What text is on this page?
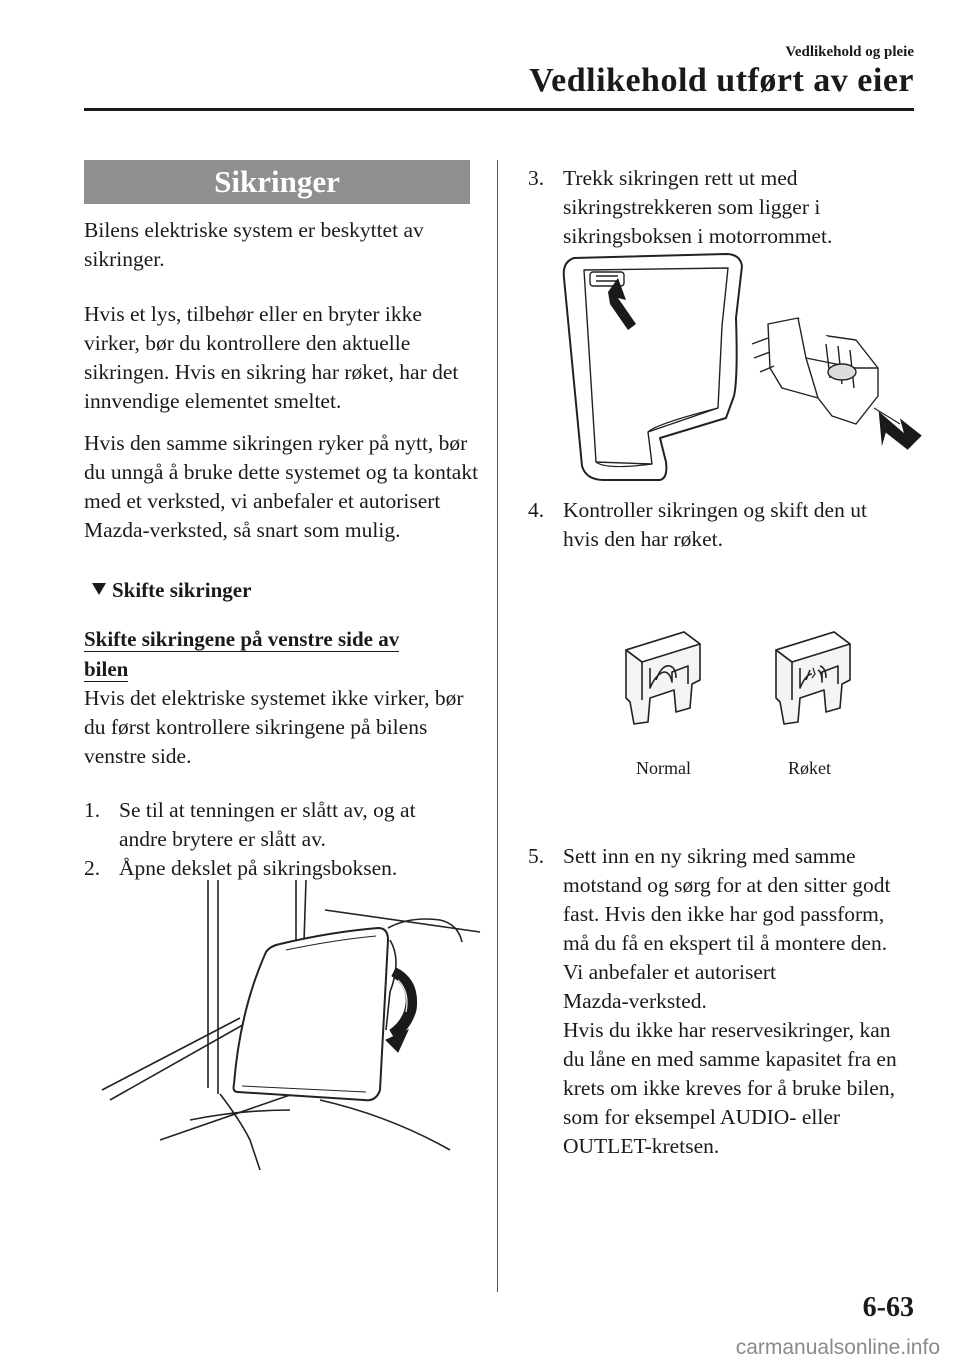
Vedlikehold og pleie
Vedlikehold utført av eier
Sikringer

Bilens elektriske system er beskyttet av sikringer.

Hvis et lys, tilbehør eller en bryter ikke virker, bør du kontrollere den aktuelle sikringen. Hvis en sikring har røket, har det innvendige elementet smeltet.

Hvis den samme sikringen ryker på nytt, bør du unngå å bruke dette systemet og ta kontakt med et verksted, vi anbefaler et autorisert Mazda-verksted, så snart som mulig.

Skifte sikringer
Skifte sikringene på venstre side av bilen

Hvis det elektriske systemet ikke virker, bør du først kontrollere sikringene på bilens venstre side.

1. Se til at tenningen er slått av, og at
andre brytere er slått av.
2. Åpne dekslet på sikringsboksen.
3. Trekk sikringen rett ut med
sikringstrekkeren som ligger i
sikringsboksen i motorrommet.
4. Kontroller sikringen og skift den ut
hvis den har røket.
Normal	Røket
5. Sett inn en ny sikring med samme
motstand og sørg for at den sitter godt
fast. Hvis den ikke har god passform,
må du få en ekspert til å montere den.
Vi anbefaler et autorisert
Mazda-verksted.
Hvis du ikke har reservesikringer, kan
du låne en med samme kapasitet fra en
krets om ikke kreves for å bruke bilen,
som for eksempel AUDIO- eller
OUTLET-kretsen.
6-63
carmanualsonline.info
